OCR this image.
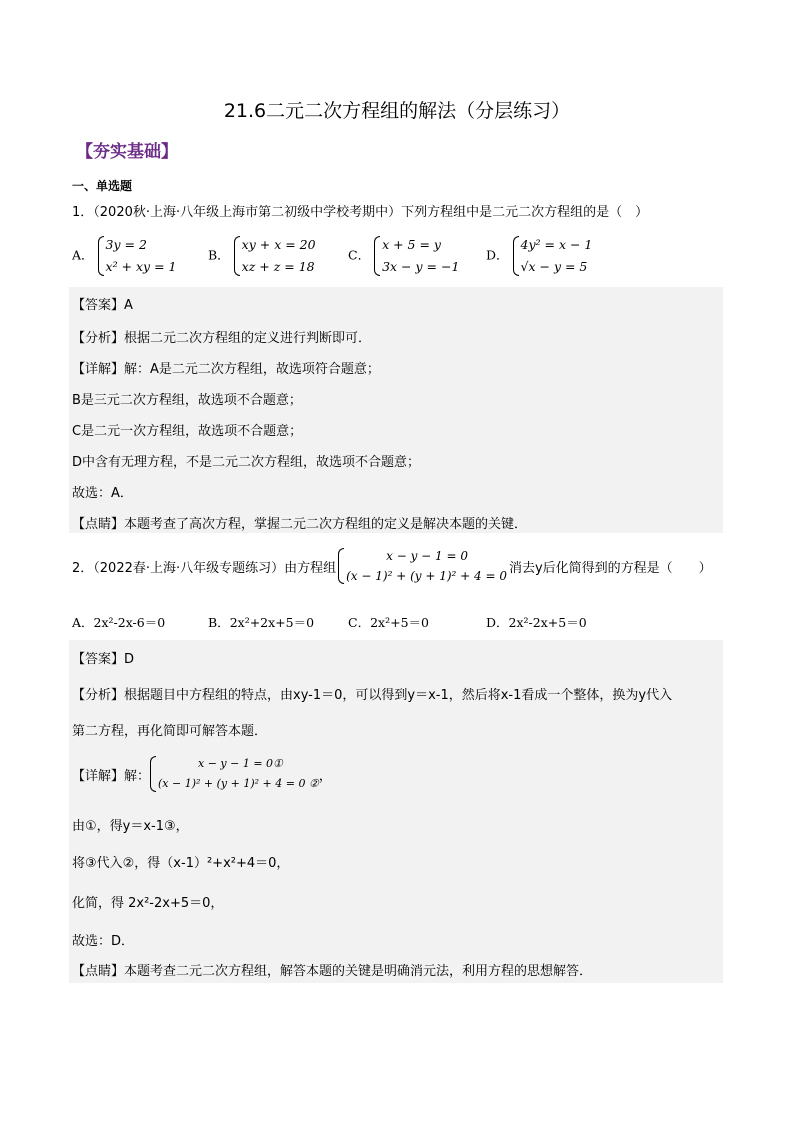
21.6二元二次方程组的解法（分层练习）
【夯实基础】
一、单选题
1．（2020秋·上海·八年级上海市第二初级中学校考期中）下列方程组中是二元二次方程组的是（　）
A．
3y = 2
x² + xy = 1
B．
xy + x = 20
xz + z = 18
C．
x + 5 = y
3x − y = −1
D．
4y² = x − 1
√x − y = 5
【答案】A
【分析】根据二元二次方程组的定义进行判断即可．
【详解】解：A是二元二次方程组，故选项符合题意；
B是三元二次方程组，故选项不合题意；
C是二元一次方程组，故选项不合题意；
D中含有无理方程，不是二元二次方程组，故选项不合题意；
故选：A．
【点睛】本题考查了高次方程，掌握二元二次方程组的定义是解决本题的关键．
2．（2022春·上海·八年级专题练习）由方程组
x − y − 1 = 0
(x − 1)² + (y + 1)² + 4 = 0
消去y后化简得到的方程是（　　）
A．2x²-2x-6＝0	B．2x²+2x+5＝0	C．2x²+5＝0	D．2x²-2x+5＝0
【答案】D
【分析】根据题目中方程组的特点，由xy-1＝0，可以得到y＝x-1，然后将x-1看成一个整体，换为y代入
第二方程，再化简即可解答本题．
【详解】解：
x − y − 1 = 0①
(x − 1)² + (y + 1)² + 4 = 0 ② ，
由①，得y＝x-1③，
将③代入②，得（x-1）²+x²+4＝0，
化简，得 2x²-2x+5＝0，
故选：D．
【点睛】本题考查二元二次方程组，解答本题的关键是明确消元法，利用方程的思想解答．
